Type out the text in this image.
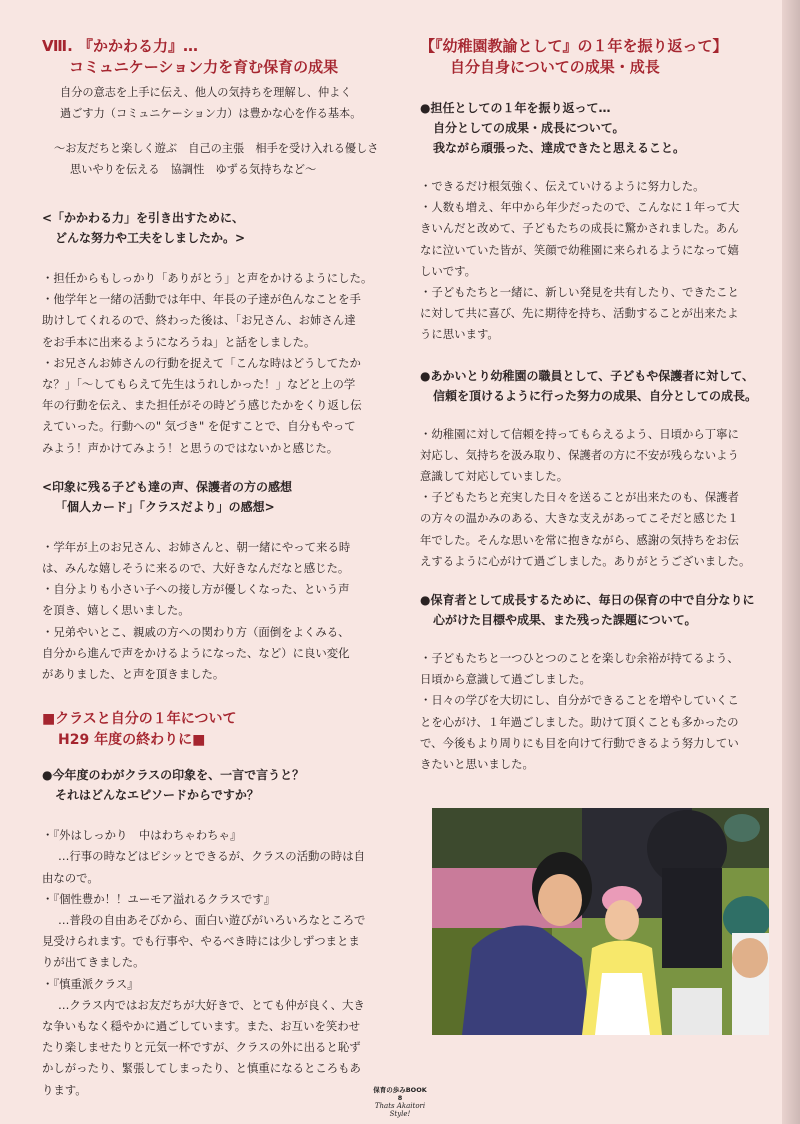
Ⅷ. 『かかわる力』…

コミュニケーション力を育む保育の成果

自分の意志を上手に伝え、他人の気持ちを理解し、仲よく
過ごす力（コミュニケーション力）は豊かな心を作る基本。
～お友だちと楽しく遊ぶ　自己の主張　相手を受け入れる優しさ
思いやりを伝える　協調性　ゆずる気持ちなど～

<「かかわる力」を引き出すために、

どんな努力や工夫をしましたか。>

・担任からもしっかり「ありがとう」と声をかけるようにした。
・他学年と一緒の活動では年中、年長の子達が色んなことを手
助けしてくれるので、終わった後は、「お兄さん、お姉さん達
をお手本に出来るようになろうね」と話をしました。
・お兄さんお姉さんの行動を捉えて「こんな時はどうしてたか
な？」「～してもらえて先生はうれしかった！」などと上の学
年の行動を伝え、また担任がその時どう感じたかをくり返し伝
えていった。行動への" 気づき" を促すことで、自分もやって
みよう！声かけてみよう！と思うのではないかと感じた。

<印象に残る子ども達の声、保護者の方の感想

「個人カード」「クラスだより」の感想>

・学年が上のお兄さん、お姉さんと、朝一緒にやって来る時
は、みんな嬉しそうに来るので、大好きなんだなと感じた。
・自分よりも小さい子への接し方が優しくなった、という声
を頂き、嬉しく思いました。
・兄弟やいとこ、親戚の方への関わり方（面倒をよくみる、
自分から進んで声をかけるようになった、など）に良い変化
がありました、と声を頂きました。

■クラスと自分の１年について

H29 年度の終わりに■

●今年度のわがクラスの印象を、一言で言うと？

それはどんなエピソードからですか？

・『外はしっかり　中はわちゃわちゃ』
…行事の時などはピシッとできるが、クラスの活動の時は自
由なので。
・『個性豊か！！ユーモア溢れるクラスです』
…普段の自由あそびから、面白い遊びがいろいろなところで
見受けられます。でも行事や、やるべき時には少しずつまとま
りが出てきました。
・『慎重派クラス』
…クラス内ではお友だちが大好きで、とても仲が良く、大き
な争いもなく穏やかに過ごしています。また、お互いを笑わせ
たり楽しませたりと元気一杯ですが、クラスの外に出ると恥ず
かしがったり、緊張してしまったり、と慎重になるところもあ
ります。

【『幼稚園教諭として』の１年を振り返って】

自分自身についての成果・成長

●担任としての１年を振り返って…

自分としての成果・成長について。

我ながら頑張った、達成できたと思えること。

・できるだけ根気強く、伝えていけるように努力した。
・人数も増え、年中から年少だったので、こんなに１年って大
きいんだと改めて、子どもたちの成長に驚かされました。あん
なに泣いていた皆が、笑顔で幼稚園に来られるようになって嬉
しいです。
・子どもたちと一緒に、新しい発見を共有したり、できたこと
に対して共に喜び、先に期待を持ち、活動することが出来たよ
うに思います。

●あかいとり幼稚園の職員として、子どもや保護者に対して、

信頼を頂けるように行った努力の成果、自分としての成長。

・幼稚園に対して信頼を持ってもらえるよう、日頃から丁寧に
対応し、気持ちを汲み取り、保護者の方に不安が残らないよう
意識して対応していました。
・子どもたちと充実した日々を送ることが出来たのも、保護者
の方々の温かみのある、大きな支えがあってこそだと感じた１
年でした。そんな思いを常に抱きながら、感謝の気持ちをお伝
えするように心がけて過ごしました。ありがとうございました。

●保育者として成長するために、毎日の保育の中で自分なりに

心がけた目標や成果、また残った課題について。

・子どもたちと一つひとつのことを楽しむ余裕が持てるよう、
日頃から意識して過ごしました。
・日々の学びを大切にし、自分ができることを増やしていくこ
とを心がけ、１年過ごしました。助けて頂くことも多かったの
で、今後もより周りにも目を向けて行動できるよう努力してい
きたいと思いました。
保育の歩みBOOK
8
Thats Akaitori Style!
